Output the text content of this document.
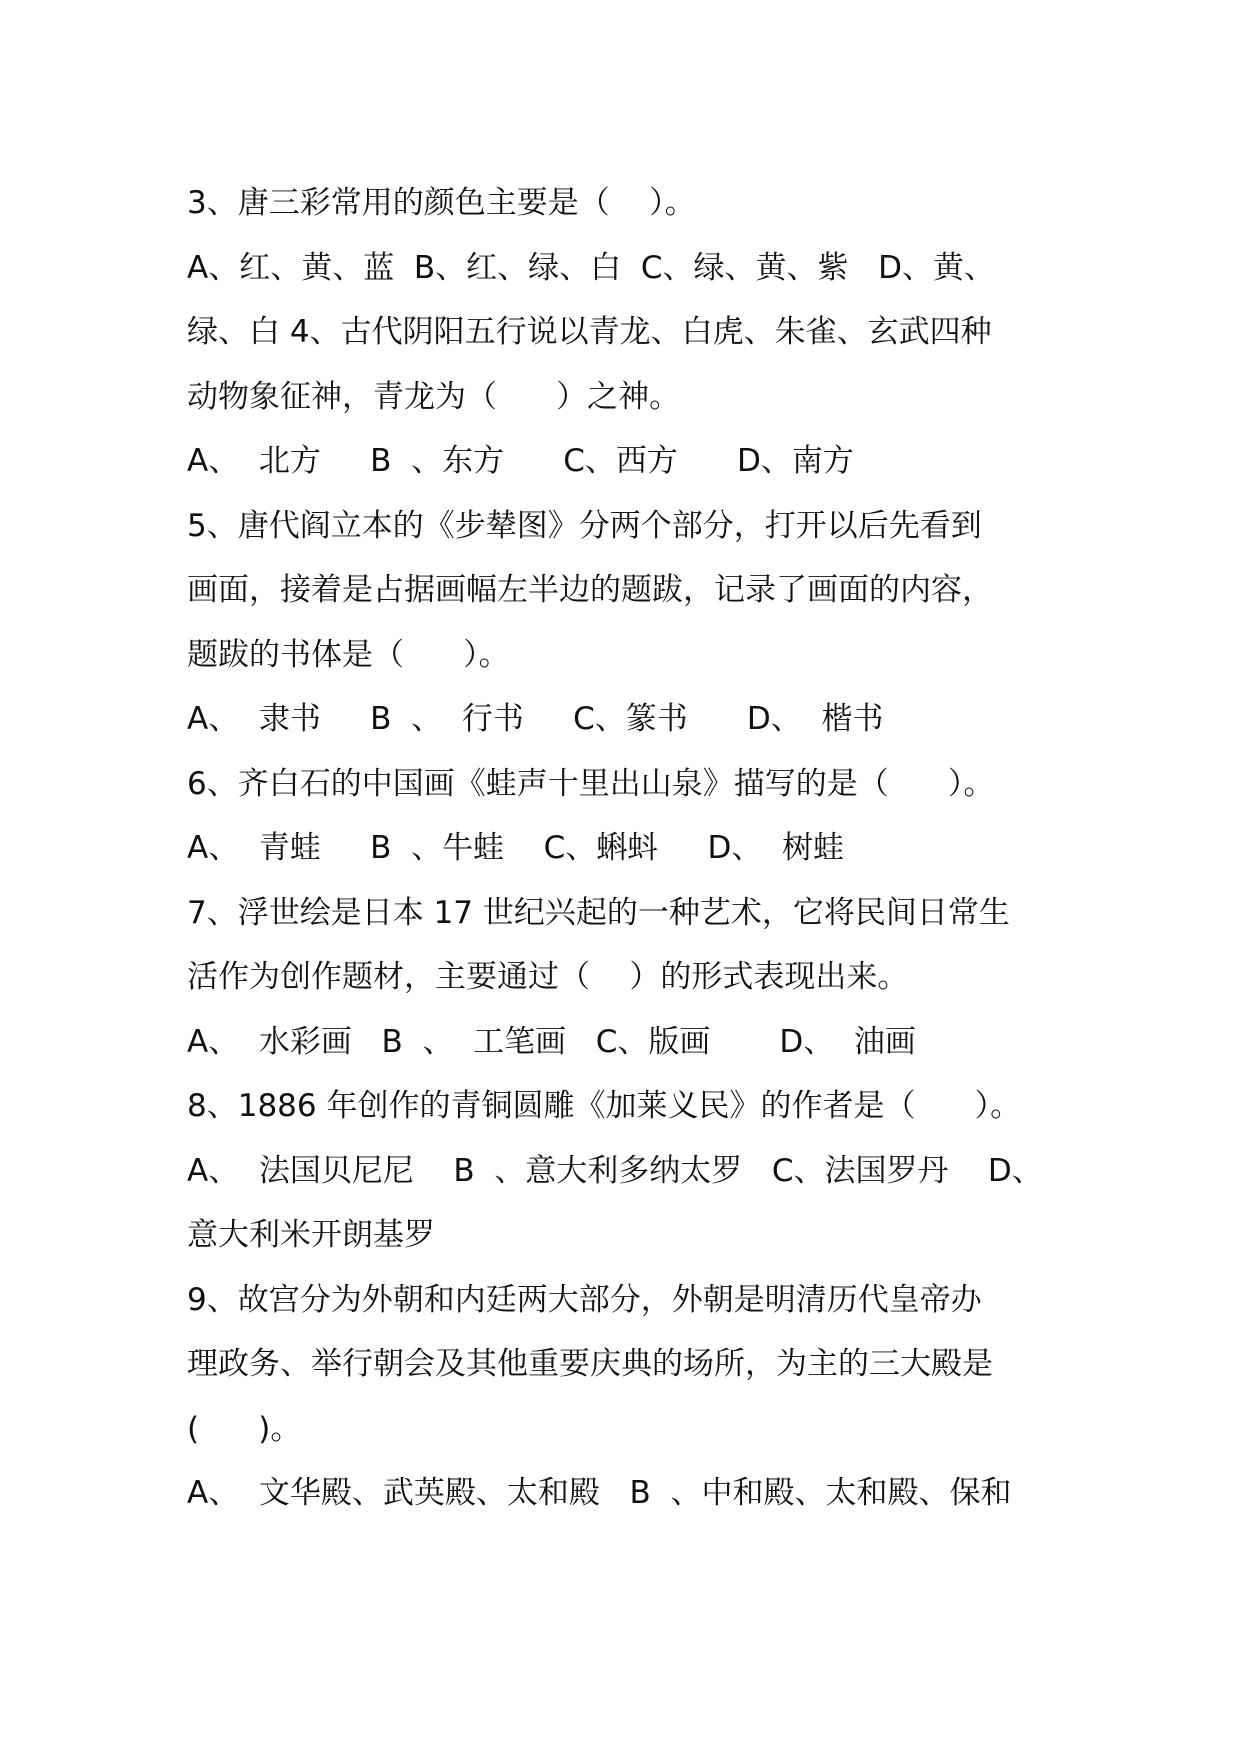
3、唐三彩常用的颜色主要是（    ）。
A、红、黄、蓝  B、红、绿、白  C、绿、黄、紫   D、黄、
绿、白 4、古代阴阳五行说以青龙、白虎、朱雀、玄武四种
动物象征神，青龙为（      ）之神。
A、  北方     B  、东方      C、西方      D、南方
5、唐代阎立本的《步辇图》分两个部分，打开以后先看到
画面，接着是占据画幅左半边的题跋，记录了画面的内容，
题跋的书体是（      ）。
A、  隶书     B  、  行书     C、篆书      D、  楷书
6、齐白石的中国画《蛙声十里出山泉》描写的是（      ）。
A、  青蛙     B  、牛蛙    C、蝌蚪     D、  树蛙
7、浮世绘是日本 17 世纪兴起的一种艺术，它将民间日常生
活作为创作题材，主要通过（    ）的形式表现出来。
A、  水彩画   B  、  工笔画   C、版画       D、  油画
8、1886 年创作的青铜圆雕《加莱义民》的作者是（      ）。
A、  法国贝尼尼    B  、意大利多纳太罗   C、法国罗丹    D、
意大利米开朗基罗
9、故宫分为外朝和内廷两大部分，外朝是明清历代皇帝办
理政务、举行朝会及其他重要庆典的场所，为主的三大殿是
(      )。
A、  文华殿、武英殿、太和殿   B  、中和殿、太和殿、保和
